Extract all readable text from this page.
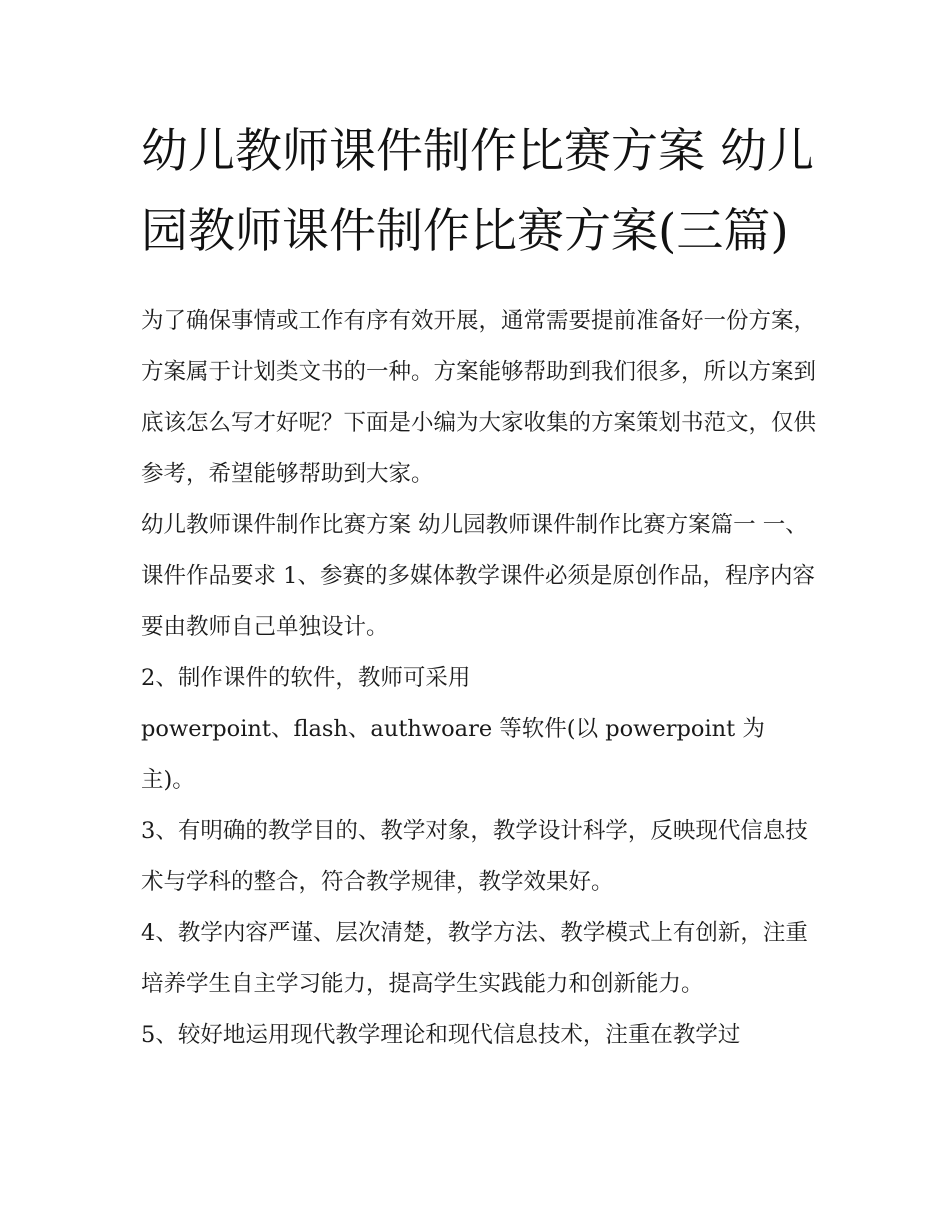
幼儿教师课件制作比赛方案 幼儿园教师课件制作比赛方案(三篇)

为了确保事情或工作有序有效开展，通常需要提前准备好一份方案，方案属于计划类文书的一种。方案能够帮助到我们很多，所以方案到底该怎么写才好呢？下面是小编为大家收集的方案策划书范文，仅供参考，希望能够帮助到大家。

幼儿教师课件制作比赛方案 幼儿园教师课件制作比赛方案篇一 一、课件作品要求 1、参赛的多媒体教学课件必须是原创作品，程序内容要由教师自己单独设计。

2、制作课件的软件，教师可采用

powerpoint、flash、authwoare 等软件(以 powerpoint 为主)。

3、有明确的教学目的、教学对象，教学设计科学，反映现代信息技术与学科的整合，符合教学规律，教学效果好。

4、教学内容严谨、层次清楚，教学方法、教学模式上有创新，注重培养学生自主学习能力，提高学生实践能力和创新能力。

5、较好地运用现代教学理论和现代信息技术，注重在教学过
